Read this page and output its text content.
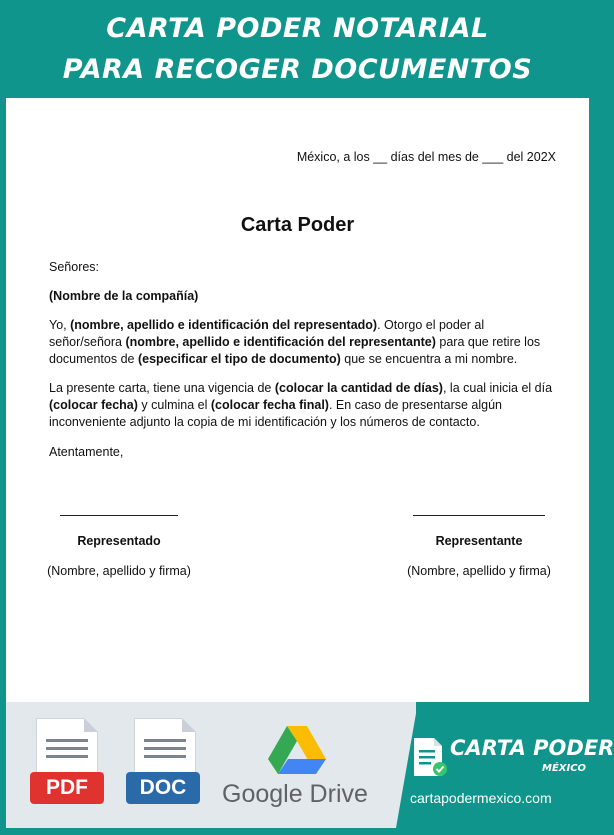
CARTA PODER NOTARIAL
PARA RECOGER DOCUMENTOS
México, a los __ días del mes de ___ del 202X
Carta Poder
Señores:
(Nombre de la compañía)
Yo, (nombre, apellido e identificación del representado). Otorgo el poder al señor/señora (nombre, apellido e identificación del representante) para que retire los documentos de (especificar el tipo de documento) que se encuentra a mi nombre.
La presente carta, tiene una vigencia de (colocar la cantidad de días), la cual inicia el día (colocar fecha) y culmina el (colocar fecha final). En caso de presentarse algún inconveniente adjunto la copia de mi identificación y los números de contacto.
Atentamente,
Representado
(Nombre, apellido y firma)
Representante
(Nombre, apellido y firma)
PDF	DOC	Google Drive
CARTA PODER
MÉXICO
cartapodermexico.com
